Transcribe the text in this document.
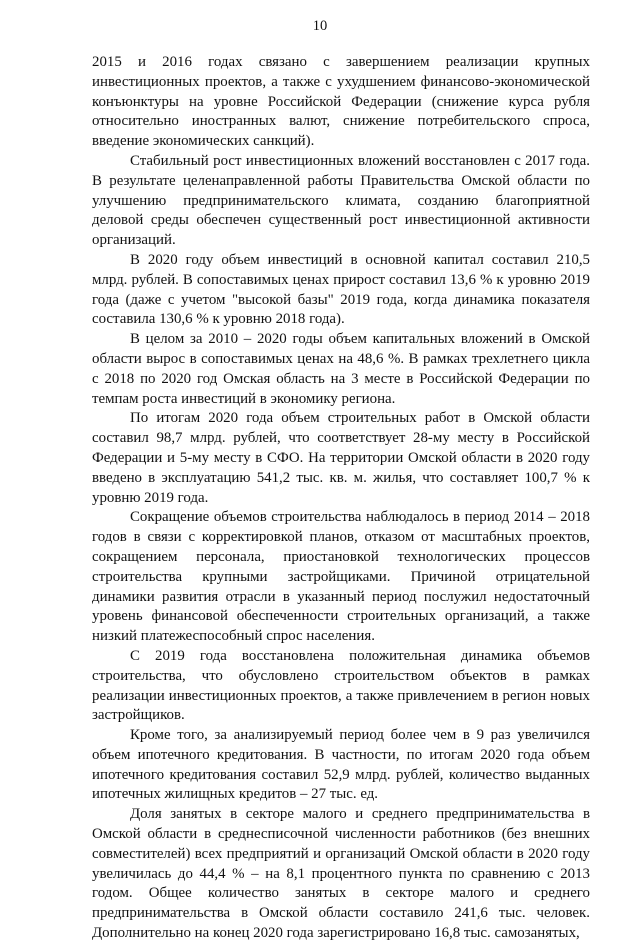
10

2015 и 2016 годах связано с завершением реализации крупных инвестиционных проектов, а также с ухудшением финансово-экономической конъюнктуры на уровне Российской Федерации (снижение курса рубля относительно иностранных валют, снижение потребительского спроса, введение экономических санкций).

Стабильный рост инвестиционных вложений восстановлен с 2017 года. В результате целенаправленной работы Правительства Омской области по улучшению предпринимательского климата, созданию благоприятной деловой среды обеспечен существенный рост инвестиционной активности организаций.

В 2020 году объем инвестиций в основной капитал составил 210,5 млрд. рублей. В сопоставимых ценах прирост составил 13,6 % к уровню 2019 года (даже с учетом "высокой базы" 2019 года, когда динамика показателя составила 130,6 % к уровню 2018 года).

В целом за 2010 – 2020 годы объем капитальных вложений в Омской области вырос в сопоставимых ценах на 48,6 %. В рамках трехлетнего цикла с 2018 по 2020 год Омская область на 3 месте в Российской Федерации по темпам роста инвестиций в экономику региона.

По итогам 2020 года объем строительных работ в Омской области составил 98,7 млрд. рублей, что соответствует 28-му месту в Российской Федерации и 5-му месту в СФО. На территории Омской области в 2020 году введено в эксплуатацию 541,2 тыс. кв. м. жилья, что составляет 100,7 % к уровню 2019 года.

Сокращение объемов строительства наблюдалось в период 2014 – 2018 годов в связи с корректировкой планов, отказом от масштабных проектов, сокращением персонала, приостановкой технологических процессов строительства крупными застройщиками. Причиной отрицательной динамики развития отрасли в указанный период послужил недостаточный уровень финансовой обеспеченности строительных организаций, а также низкий платежеспособный спрос населения.

С 2019 года восстановлена положительная динамика объемов строительства, что обусловлено строительством объектов в рамках реализации инвестиционных проектов, а также привлечением в регион новых застройщиков.

Кроме того, за анализируемый период более чем в 9 раз увеличился объем ипотечного кредитования. В частности, по итогам 2020 года объем ипотечного кредитования составил 52,9 млрд. рублей, количество выданных ипотечных жилищных кредитов – 27 тыс. ед.

Доля занятых в секторе малого и среднего предпринимательства в Омской области в среднесписочной численности работников (без внешних совместителей) всех предприятий и организаций Омской области в 2020 году увеличилась до 44,4 % – на 8,1 процентного пункта по сравнению с 2013 годом. Общее количество занятых в секторе малого и среднего предпринимательства в Омской области составило 241,6 тыс. человек. Дополнительно на конец 2020 года зарегистрировано 16,8 тыс. самозанятых,
